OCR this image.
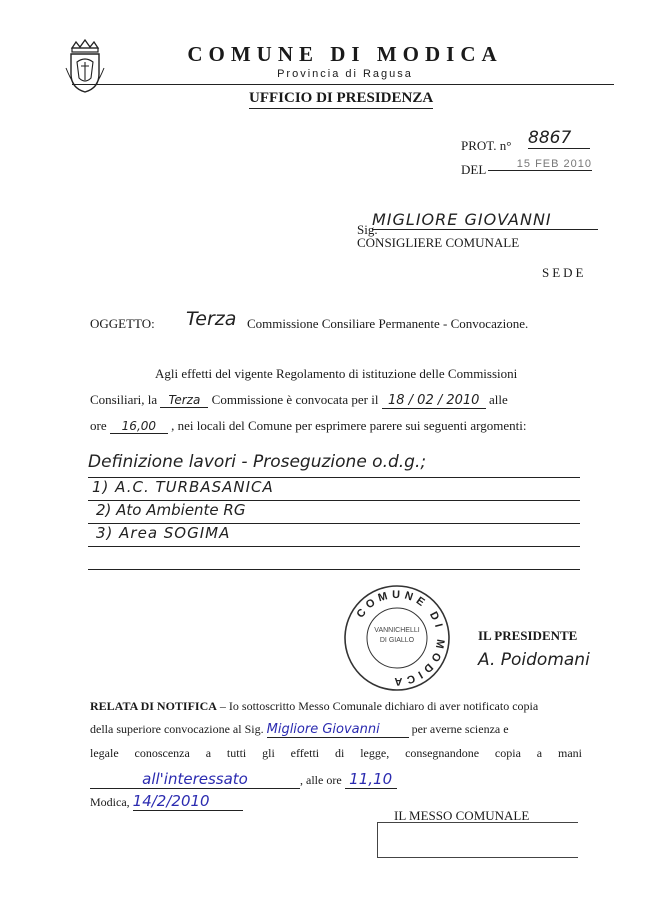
COMUNE DI MODICA
Provincia di Ragusa
UFFICIO DI PRESIDENZA
PROT. n° 8867
DEL	15 FEB 2010
Sig.
MIGLIORE GIOVANNI
CONSIGLIERE COMUNALE
SEDE
OGGETTO: Terza Commissione Consiliare Permanente - Convocazione.
Agli effetti del vigente Regolamento di istituzione delle Commissioni
Consiliari, la Terza Commissione è convocata per il 18 / 02 / 2010 alle
ore 16,00 , nei locali del Comune per esprimere parere sui seguenti argomenti:
Definizione lavori - Proseguzione o.d.g.;
1) A.C. TURBASANICA
2) Ato Ambiente RG
3) Area SOGIMA
COMUNE DI MODICA
VANNICHELLI DI GIALLO	IL PRESIDENTE
A. Poidomani
RELATA DI NOTIFICA – Io sottoscritto Messo Comunale dichiaro di aver notificato copia
della superiore convocazione al Sig. Migliore Giovanni	per averne scienza e
legale conoscenza a tutti gli effetti di legge, consegnandone copia a mani
all'interessato	, alle ore 11,10
Modica, 14/2/2010
IL MESSO COMUNALE
